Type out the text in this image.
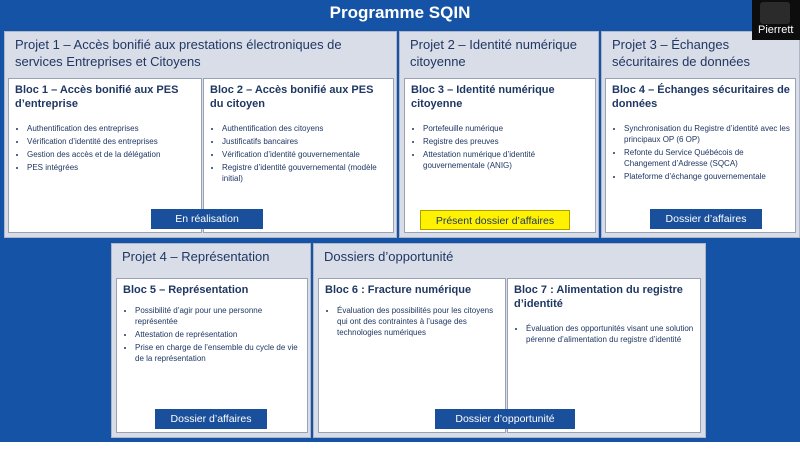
Programme SQIN
Projet 1 – Accès bonifié aux prestations électroniques de services Entreprises et Citoyens
Bloc 1 – Accès bonifié aux PES d’entreprise
• Authentification des entreprises
• Vérification d’identité des entreprises
• Gestion des accès et de la délégation
• PES intégrées
Bloc 2 – Accès bonifié aux PES du citoyen
• Authentification des citoyens
• Justificatifs bancaires
• Vérification d’identité gouvernementale
• Registre d’identité gouvernemental (modèle initial)
En réalisation
Projet 2 – Identité numérique citoyenne
Bloc 3 – Identité numérique citoyenne
• Portefeuille numérique
• Registre des preuves
• Attestation numérique d’identité gouvernementale (ANIG)
Présent dossier d’affaires
Projet 3 – Échanges sécuritaires de données
Bloc 4 – Échanges sécuritaires de données
• Synchronisation du Registre d’identité avec les principaux OP (6 OP)
• Refonte du Service Québécois de Changement d’Adresse (SQCA)
• Plateforme d’échange gouvernementale
Dossier d’affaires
Projet 4 – Représentation
Bloc 5 – Représentation
• Possibilité d’agir pour une personne représentée
• Attestation de représentation
• Prise en charge de l’ensemble du cycle de vie de la représentation
Dossier d’affaires
Dossiers d’opportunité
Bloc 6 : Fracture numérique
• Évaluation des possibilités pour les citoyens qui ont des contraintes à l’usage des technologies numériques
Bloc 7 : Alimentation du registre d’identité
• Évaluation des opportunités visant une solution pérenne d’alimentation du registre d’identité
Dossier d’opportunité
Pierrett
